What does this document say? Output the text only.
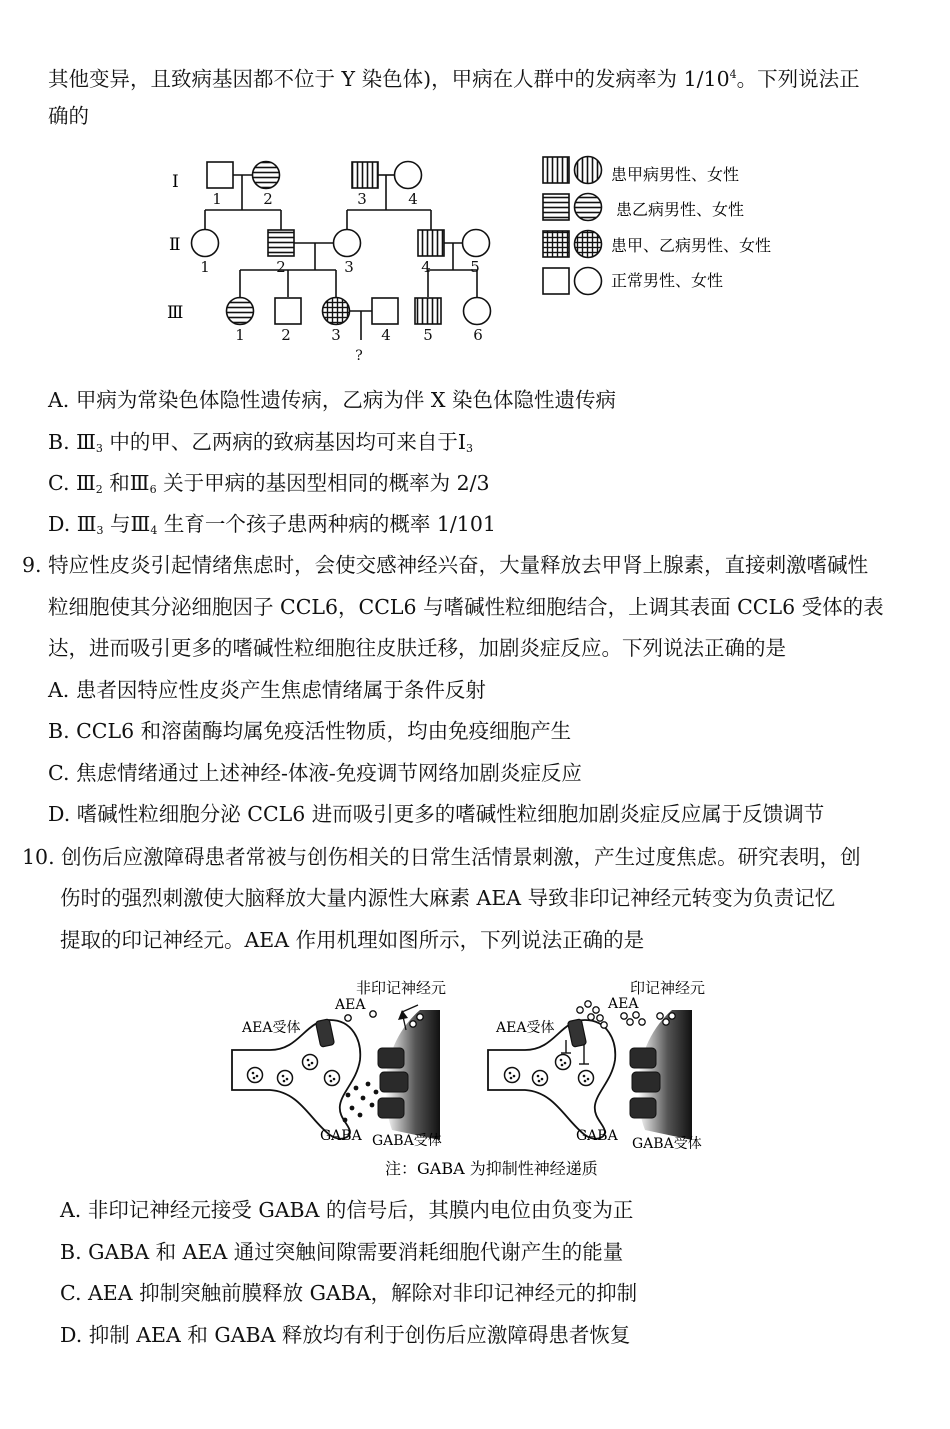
其他变异，且致病基因都不位于 Y 染色体)，甲病在人群中的发病率为 $1/10^4$。下列说法正
确的
Ⅰ
Ⅱ
Ⅲ
1	2	3	4
1	2	3	4	5
1 2	3	4 5	6
?
患甲病男性、女性
患乙病男性、女性
患甲、乙病男性、女性
正常男性、女性
A. 甲病为常染色体隐性遗传病，乙病为伴 X 染色体隐性遗传病
B. $Ⅲ_3$ 中的甲、乙两病的致病基因均可来自于$Ⅰ_3$
C. $Ⅲ_2$ 和$Ⅲ_6$ 关于甲病的基因型相同的概率为 2/3
D. $Ⅲ_3$ 与$Ⅲ_4$ 生育一个孩子患两种病的概率 1/101
9. 特应性皮炎引起情绪焦虑时，会使交感神经兴奋，大量释放去甲肾上腺素，直接刺激嗜碱性
粒细胞使其分泌细胞因子 CCL6，CCL6 与嗜碱性粒细胞结合，上调其表面 CCL6 受体的表
达，进而吸引更多的嗜碱性粒细胞往皮肤迁移，加剧炎症反应。下列说法正确的是
A. 患者因特应性皮炎产生焦虑情绪属于条件反射
B. CCL6 和溶菌酶均属免疫活性物质，均由免疫细胞产生
C. 焦虑情绪通过上述神经-体液-免疫调节网络加剧炎症反应
D. 嗜碱性粒细胞分泌 CCL6 进而吸引更多的嗜碱性粒细胞加剧炎症反应属于反馈调节
10. 创伤后应激障碍患者常被与创伤相关的日常生活情景刺激，产生过度焦虑。研究表明，创
伤时的强烈刺激使大脑释放大量内源性大麻素 AEA 导致非印记神经元转变为负责记忆
提取的印记神经元。AEA 作用机理如图所示，下列说法正确的是
非印记神经元
AEA
AEA受体
GABA GABA受体
印记神经元
AEA
AEA受体
GABA GABA受体
注：GABA 为抑制性神经递质
A. 非印记神经元接受 GABA 的信号后，其膜内电位由负变为正
B. GABA 和 AEA 通过突触间隙需要消耗细胞代谢产生的能量
C. AEA 抑制突触前膜释放 GABA，解除对非印记神经元的抑制
D. 抑制 AEA 和 GABA 释放均有利于创伤后应激障碍患者恢复
